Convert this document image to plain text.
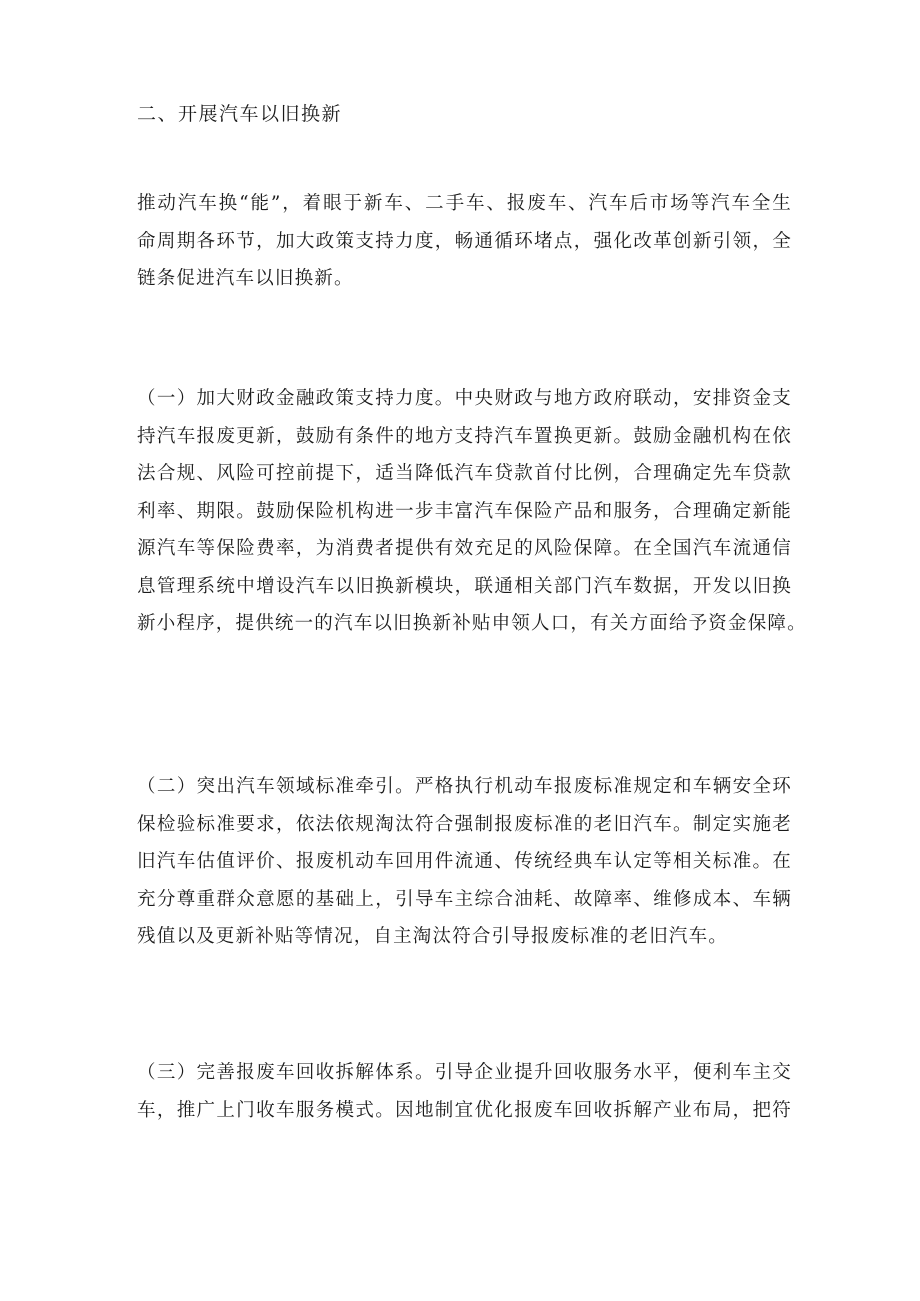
二、开展汽车以旧换新
推动汽车换“能”，着眼于新车、二手车、报废车、汽车后市场等汽车全生
命周期各环节，加大政策支持力度，畅通循环堵点，强化改革创新引领，全
链条促进汽车以旧换新。
（一）加大财政金融政策支持力度。中央财政与地方政府联动，安排资金支
持汽车报废更新，鼓励有条件的地方支持汽车置换更新。鼓励金融机构在依
法合规、风险可控前提下，适当降低汽车贷款首付比例，合理确定先车贷款
利率、期限。鼓励保险机构进一步丰富汽车保险产品和服务，合理确定新能
源汽车等保险费率，为消费者提供有效充足的风险保障。在全国汽车流通信
息管理系统中增设汽车以旧换新模块，联通相关部门汽车数据，开发以旧换
新小程序，提供统一的汽车以旧换新补贴申领人口，有关方面给予资金保障。
（二）突出汽车领域标准牵引。严格执行机动车报废标准规定和车辆安全环
保检验标准要求，依法依规淘汰符合强制报废标准的老旧汽车。制定实施老
旧汽车估值评价、报废机动车回用件流通、传统经典车认定等相关标准。在
充分尊重群众意愿的基础上，引导车主综合油耗、故障率、维修成本、车辆
残值以及更新补贴等情况，自主淘汰符合引导报废标准的老旧汽车。
（三）完善报废车回收拆解体系。引导企业提升回收服务水平，便利车主交
车，推广上门收车服务模式。因地制宜优化报废车回收拆解产业布局，把符
